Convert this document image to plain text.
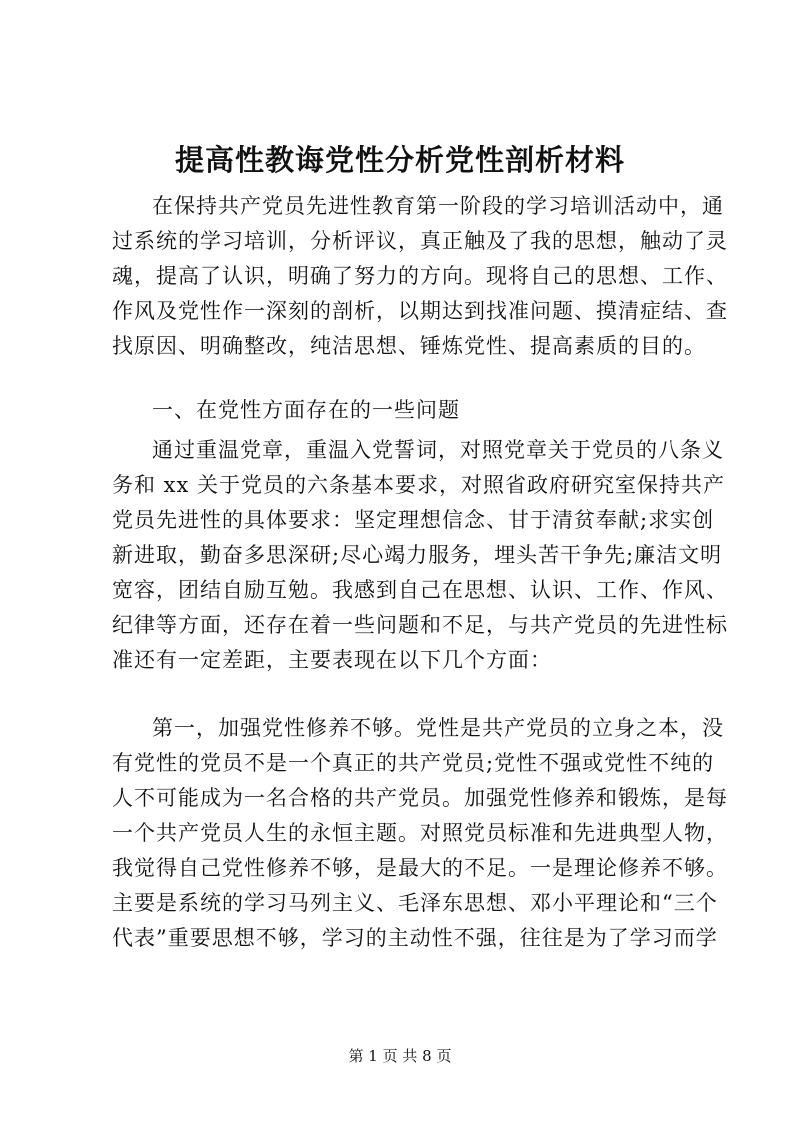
提高性教诲党性分析党性剖析材料

在保持共产党员先进性教育第一阶段的学习培训活动中，通

过系统的学习培训，分析评议，真正触及了我的思想，触动了灵

魂，提高了认识，明确了努力的方向。现将自己的思想、工作、

作风及党性作一深刻的剖析，以期达到找准问题、摸清症结、查

找原因、明确整改，纯洁思想、锤炼党性、提高素质的目的。

一、在党性方面存在的一些问题

通过重温党章，重温入党誓词，对照党章关于党员的八条义

务和 xx 关于党员的六条基本要求，对照省政府研究室保持共产

党员先进性的具体要求：坚定理想信念、甘于清贫奉献;求实创

新进取，勤奋多思深研;尽心竭力服务，埋头苦干争先;廉洁文明

宽容，团结自励互勉。我感到自己在思想、认识、工作、作风、

纪律等方面，还存在着一些问题和不足，与共产党员的先进性标

准还有一定差距，主要表现在以下几个方面：

第一，加强党性修养不够。党性是共产党员的立身之本，没

有党性的党员不是一个真正的共产党员;党性不强或党性不纯的

人不可能成为一名合格的共产党员。加强党性修养和锻炼，是每

一个共产党员人生的永恒主题。对照党员标准和先进典型人物，

我觉得自己党性修养不够，是最大的不足。一是理论修养不够。

主要是系统的学习马列主义、毛泽东思想、邓小平理论和“三个

代表”重要思想不够，学习的主动性不强，往往是为了学习而学

第 1 页 共 8 页
